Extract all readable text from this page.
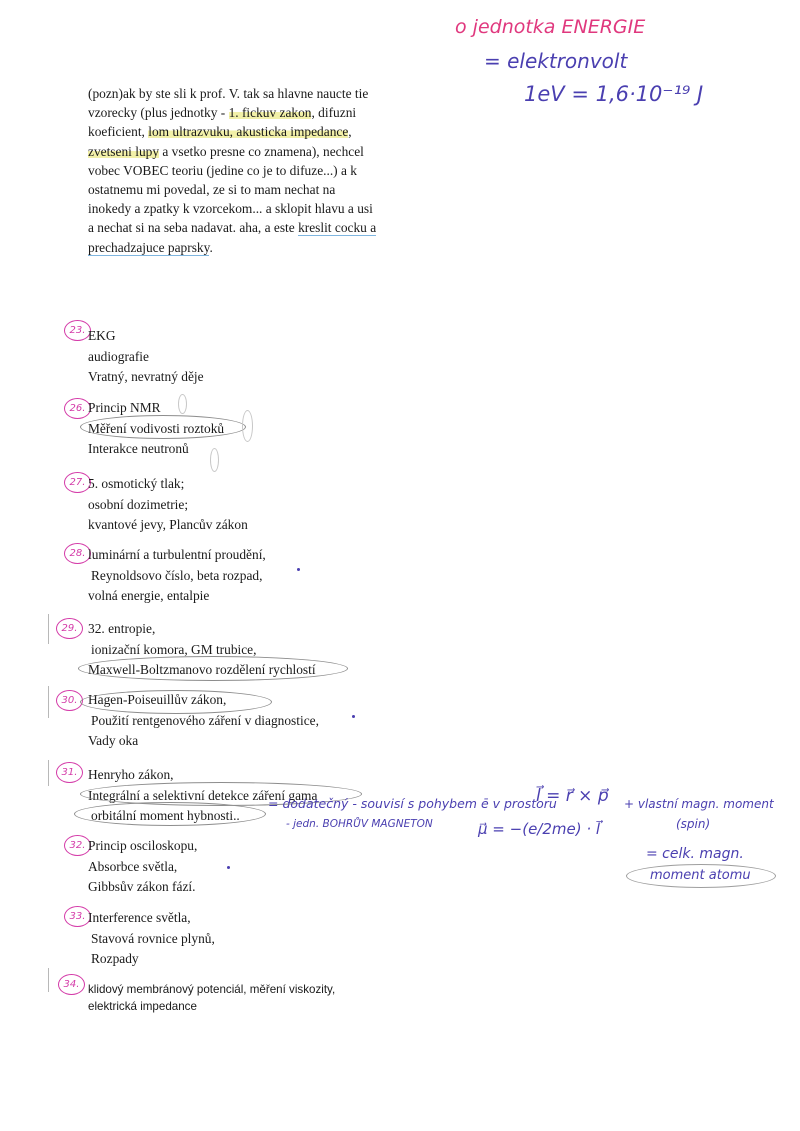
o jednotka ENERGIE
= elektronvolt
1eV = 1,6·10⁻¹⁹ J
(pozn)ak by ste sli k prof. V. tak sa hlavne naucte tie vzorecky (plus jednotky - 1. fickuv zakon, difuzni koeficient, lom ultrazvuku, akusticka impedance, zvetseni lupy a vsetko presne co znamena), nechcel vobec VOBEC teoriu (jedine co je to difuze...) a k ostatnemu mi povedal, ze si to mam nechat na inokedy a zpatky k vzorcekom... a sklopit hlavu a usi a nechat si na seba nadavat. aha, a este kreslit cocku a prechadzajuce paprsky.
23. EKG
audiografie
Vratný, nevratný děje
26. Princip NMR
Měření vodivosti roztoků
Interakce neutronů
27. 5. osmotický tlak;
osobní dozimetrie;
kvantové jevy, Plancův zákon
28. luminární a turbulentní proudění,
Reynoldsovo číslo, beta rozpad,
volná energie, entalpie
29. 32. entropie,
ionizační komora, GM trubice,
Maxwell-Boltzmanovo rozdělení rychlostí
30. Hagen-Poiseuillův zákon,
Použití rentgenového záření v diagnostice,
Vady oka
31. Henryho zákon,
Integrální a selektivní detekce záření gama
orbitální moment hybnosti..
= dodatečný - souvisí s pohybem ē v prostoru
l⃗ = r⃗ × p⃗
- jedn. BOHRŮV MAGNETON	μ⃗ = −(e/2me) · l⃗
+ vlastní magn. moment
(spin)
= celk. magn.
moment atomu
32. Princip osciloskopu,
Absorbce světla,
Gibbsův zákon fází.
33. Interference světla,
Stavová rovnice plynů,
Rozpady
34. klidový membránový potenciál, měření viskozity,
elektrická impedance
